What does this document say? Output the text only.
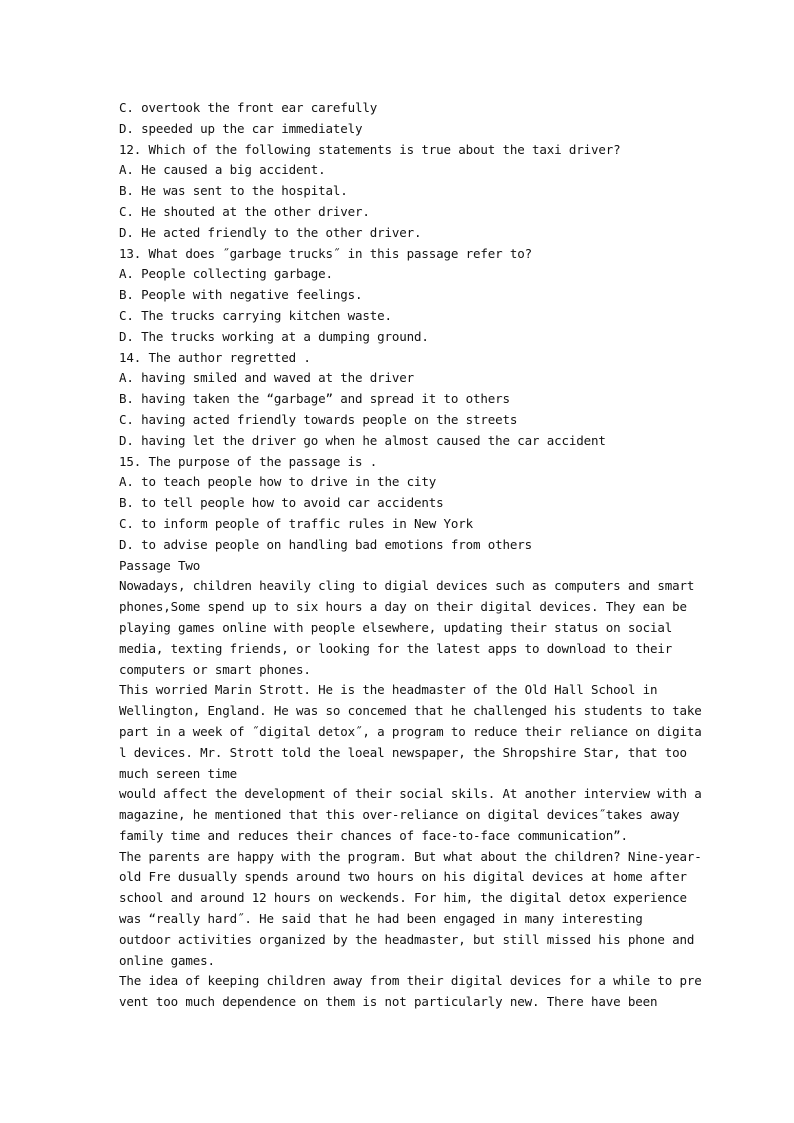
C. overtook the front ear carefully
D. speeded up the car immediately
12. Which of the following statements is true about the taxi driver?
A. He caused a big accident.
B. He was sent to the hospital.
C. He shouted at the other driver.
D. He acted friendly to the other driver.
13. What does ˝garbage trucks˝ in this passage refer to?
A. People collecting garbage.
B. People with negative feelings.
C. The trucks carrying kitchen waste.
D. The trucks working at a dumping ground.
14. The author regretted .
A. having smiled and waved at the driver
B. having taken the “garbage” and spread it to others
C. having acted friendly towards people on the streets
D. having let the driver go when he almost caused the car accident
15. The purpose of the passage is .
A. to teach people how to drive in the city
B. to tell people how to avoid car accidents
C. to inform people of traffic rules in New York
D. to advise people on handling bad emotions from others
Passage Two
Nowadays, children heavily cling to digial devices such as computers and smart
phones,Some spend up to six hours a day on their digital devices. They ean be
playing games online with people elsewhere, updating their status on social
media, texting friends, or looking for the latest apps to download to their
computers or smart phones.
This worried Marin Strott. He is the headmaster of the Old Hall School in
Wellington, England. He was so concemed that he challenged his students to take
part in a week of ˝digital detox˝, a program to reduce their reliance on digita
l devices. Mr. Strott told the loeal newspaper, the Shropshire Star, that too
much sereen time
would affect the development of their social skils. At another interview with a
magazine, he mentioned that this over-reliance on digital devices˝takes away
family time and reduces their chances of face-to-face communication”.
The parents are happy with the program. But what about the children? Nine-year-
old Fre dusually spends around two hours on his digital devices at home after
school and around 12 hours on weckends. For him, the digital detox experience
was “really hard˝. He said that he had been engaged in many interesting
outdoor activities organized by the headmaster, but still missed his phone and
online games.
The idea of keeping children away from their digital devices for a while to pre
vent too much dependence on them is not particularly new. There have been
